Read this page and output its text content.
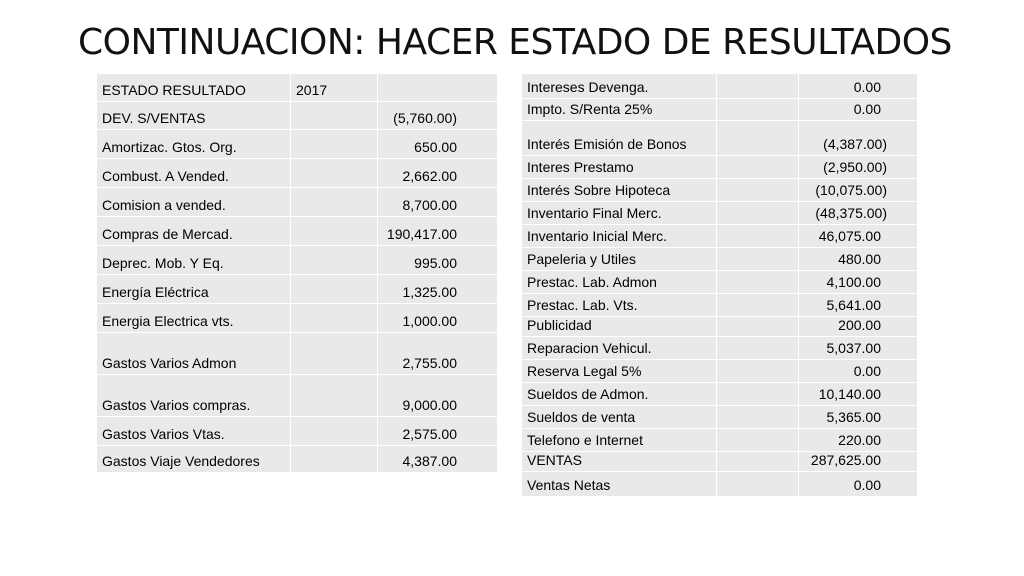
CONTINUACION: HACER ESTADO DE RESULTADOS
ESTADO RESULTADO	2017	
DEV. S/VENTAS		(5,760.00)
Amortizac. Gtos. Org.		650.00
Combust. A Vended.		2,662.00
Comision a vended.		8,700.00
Compras de Mercad.		190,417.00
Deprec. Mob. Y Eq.		995.00
Energía Eléctrica		1,325.00
Energia Electrica vts.		1,000.00
Gastos Varios Admon		2,755.00
Gastos Varios compras.		9,000.00
Gastos Varios Vtas.		2,575.00
Gastos Viaje Vendedores		4,387.00
Intereses Devenga.		0.00
Impto. S/Renta 25%		0.00
Interés Emisión de Bonos		(4,387.00)
Interes Prestamo		(2,950.00)
Interés Sobre Hipoteca		(10,075.00)
Inventario Final Merc.		(48,375.00)
Inventario Inicial Merc.		46,075.00
Papeleria y Utiles		480.00
Prestac. Lab. Admon		4,100.00
Prestac. Lab. Vts.		5,641.00
Publicidad		200.00
Reparacion Vehicul.		5,037.00
Reserva Legal 5%		0.00
Sueldos de Admon.		10,140.00
Sueldos de venta		5,365.00
Telefono e Internet		220.00
VENTAS		287,625.00
Ventas Netas		0.00
